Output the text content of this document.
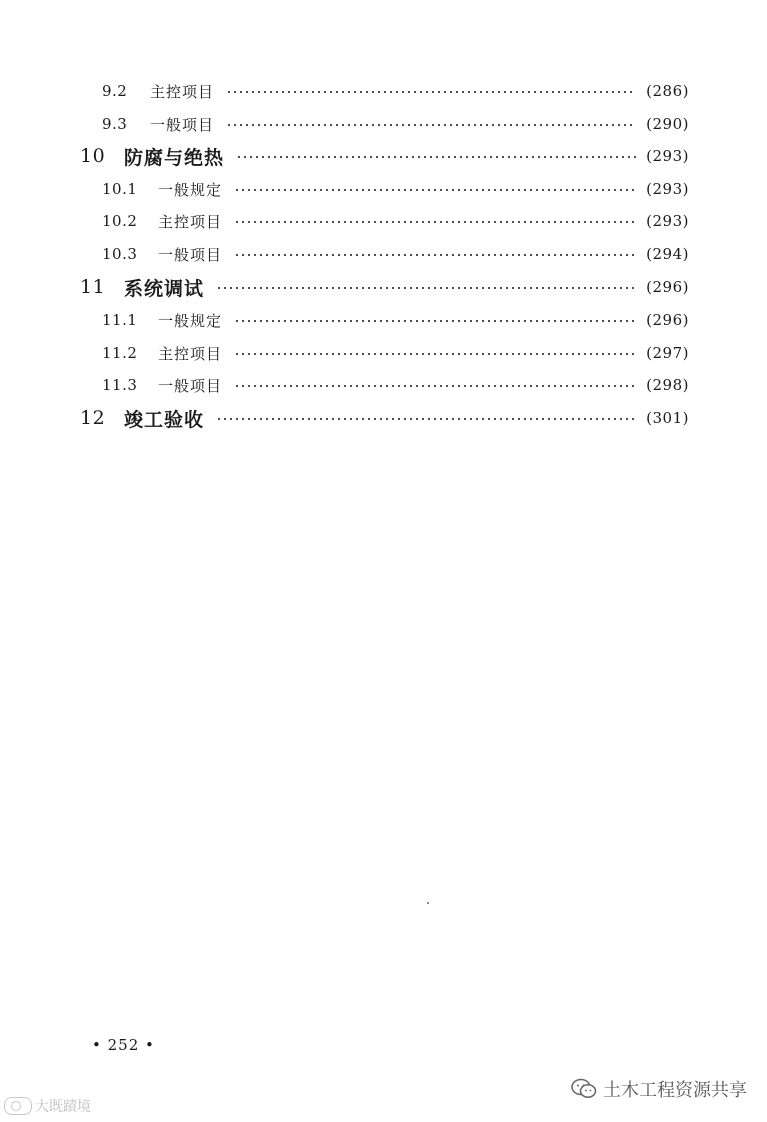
9.2	主控项目	(286)
9.3	一般项目	(290)
10 防腐与绝热	(293)
10.1	一般规定	(293)
10.2	主控项目	(293)
10.3	一般项目	(294)
11 系统调试	(296)
11.1	一般规定	(296)
11.2	主控项目	(297)
11.3	一般项目	(298)
12 竣工验收	(301)
• 252 •
大既蹟境
土木工程资源共享
